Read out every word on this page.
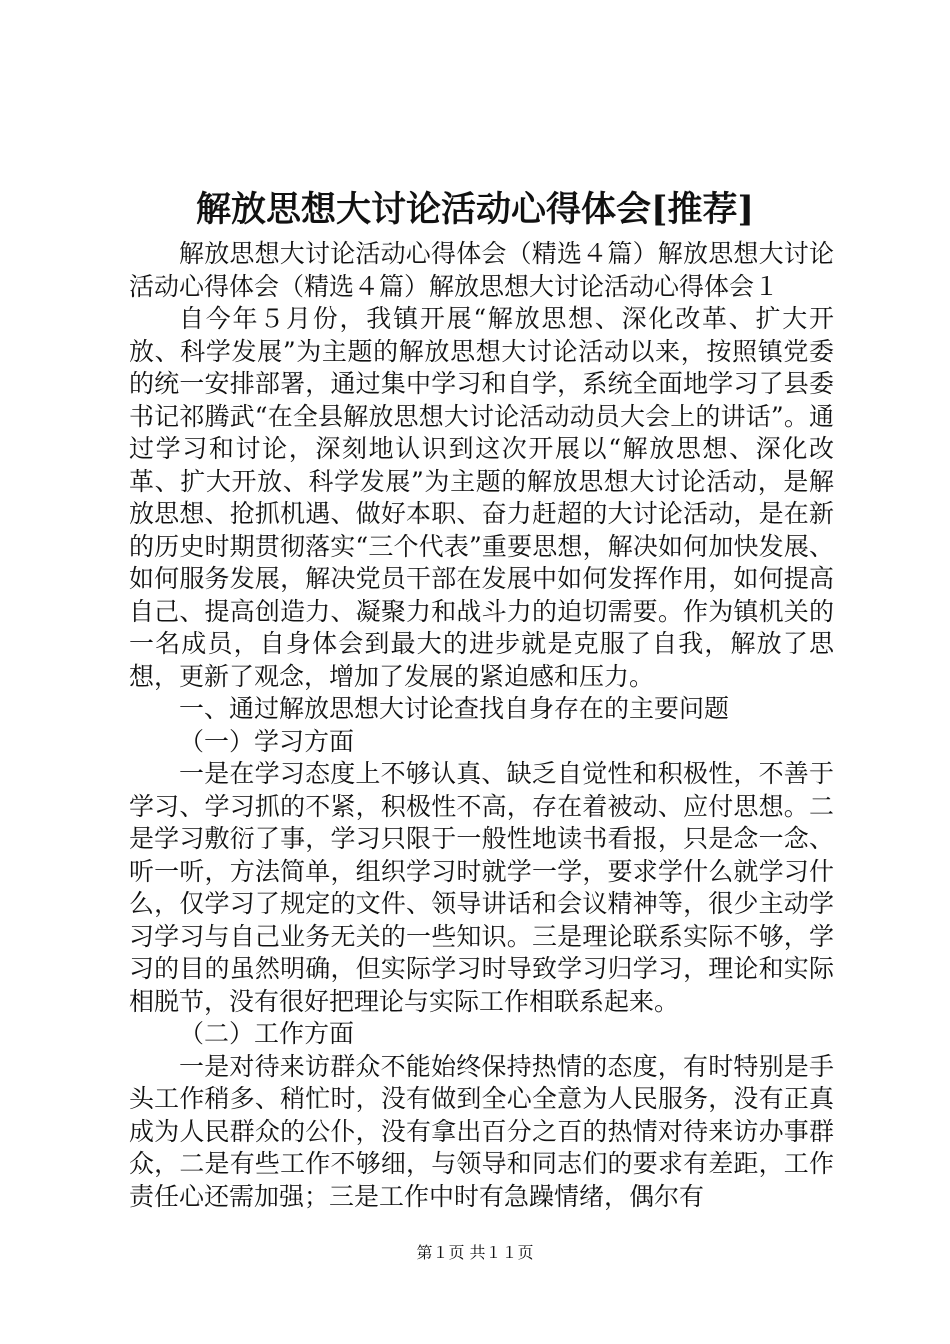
解放思想大讨论活动心得体会[推荐]

解放思想大讨论活动心得体会（精选４篇）解放思想大讨论活动心得体会（精选４篇）解放思想大讨论活动心得体会１

自今年５月份，我镇开展“解放思想、深化改革、扩大开放、科学发展”为主题的解放思想大讨论活动以来，按照镇党委的统一安排部署，通过集中学习和自学，系统全面地学习了县委书记祁腾武“在全县解放思想大讨论活动动员大会上的讲话”。通过学习和讨论，深刻地认识到这次开展以“解放思想、深化改革、扩大开放、科学发展”为主题的解放思想大讨论活动，是解放思想、抢抓机遇、做好本职、奋力赶超的大讨论活动，是在新的历史时期贯彻落实“三个代表”重要思想，解决如何加快发展、如何服务发展，解决党员干部在发展中如何发挥作用，如何提高自己、提高创造力、凝聚力和战斗力的迫切需要。作为镇机关的一名成员，自身体会到最大的进步就是克服了自我，解放了思想，更新了观念，增加了发展的紧迫感和压力。

一、通过解放思想大讨论查找自身存在的主要问题

（一）学习方面

一是在学习态度上不够认真、缺乏自觉性和积极性，不善于学习、学习抓的不紧，积极性不高，存在着被动、应付思想。二是学习敷衍了事，学习只限于一般性地读书看报，只是念一念、听一听，方法简单，组织学习时就学一学，要求学什么就学习什么，仅学习了规定的文件、领导讲话和会议精神等，很少主动学习学习与自己业务无关的一些知识。三是理论联系实际不够，学习的目的虽然明确，但实际学习时导致学习归学习，理论和实际相脱节，没有很好把理论与实际工作相联系起来。

（二）工作方面

一是对待来访群众不能始终保持热情的态度，有时特别是手头工作稍多、稍忙时，没有做到全心全意为人民服务，没有正真成为人民群众的公仆，没有拿出百分之百的热情对待来访办事群众，二是有些工作不够细，与领导和同志们的要求有差距，工作责任心还需加强；三是工作中时有急躁情绪，偶尔有

第１页 共１１页
